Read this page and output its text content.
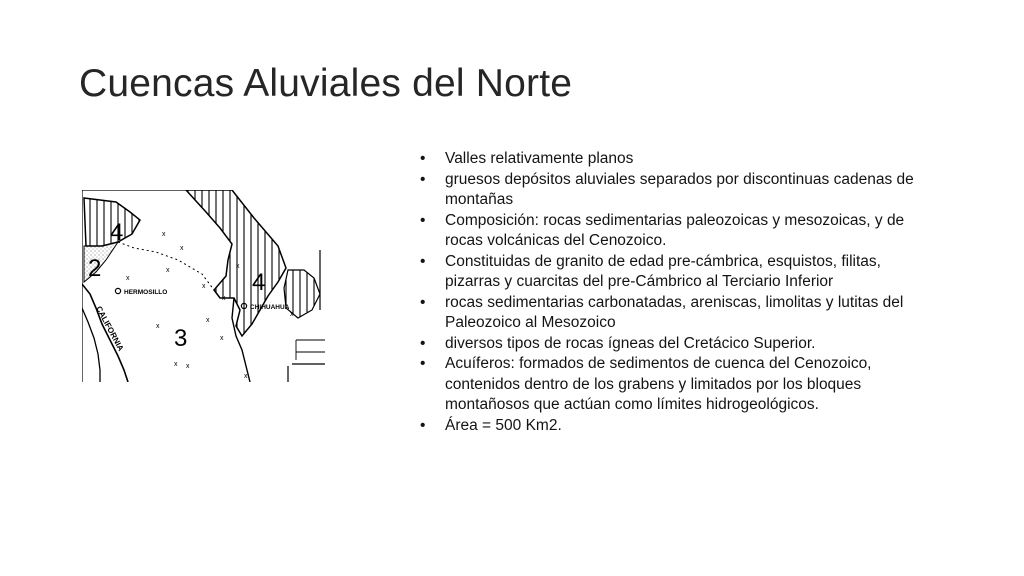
Cuencas Aluviales del Norte
4
2
4
3
HERMOSILLO
CHIHUAHUA
CALIFORNIA
x
x
x
x
x
x
x
x
x
x
x
x
x
x
• Valles relativamente planos
• gruesos depósitos aluviales separados por discontinuas cadenas de montañas
• Composición: rocas sedimentarias paleozoicas y mesozoicas, y de rocas volcánicas del Cenozoico.
• Constituidas de granito de edad pre-cámbrica, esquistos, filitas, pizarras y cuarcitas del pre-Cámbrico al Terciario Inferior
• rocas sedimentarias carbonatadas, areniscas, limolitas y lutitas del Paleozoico al Mesozoico
• diversos tipos de rocas ígneas del Cretácico Superior.
• Acuíferos: formados de sedimentos de cuenca del Cenozoico, contenidos dentro de los grabens y limitados por los bloques montañosos que actúan como límites hidrogeológicos.
• Área = 500 Km2.
